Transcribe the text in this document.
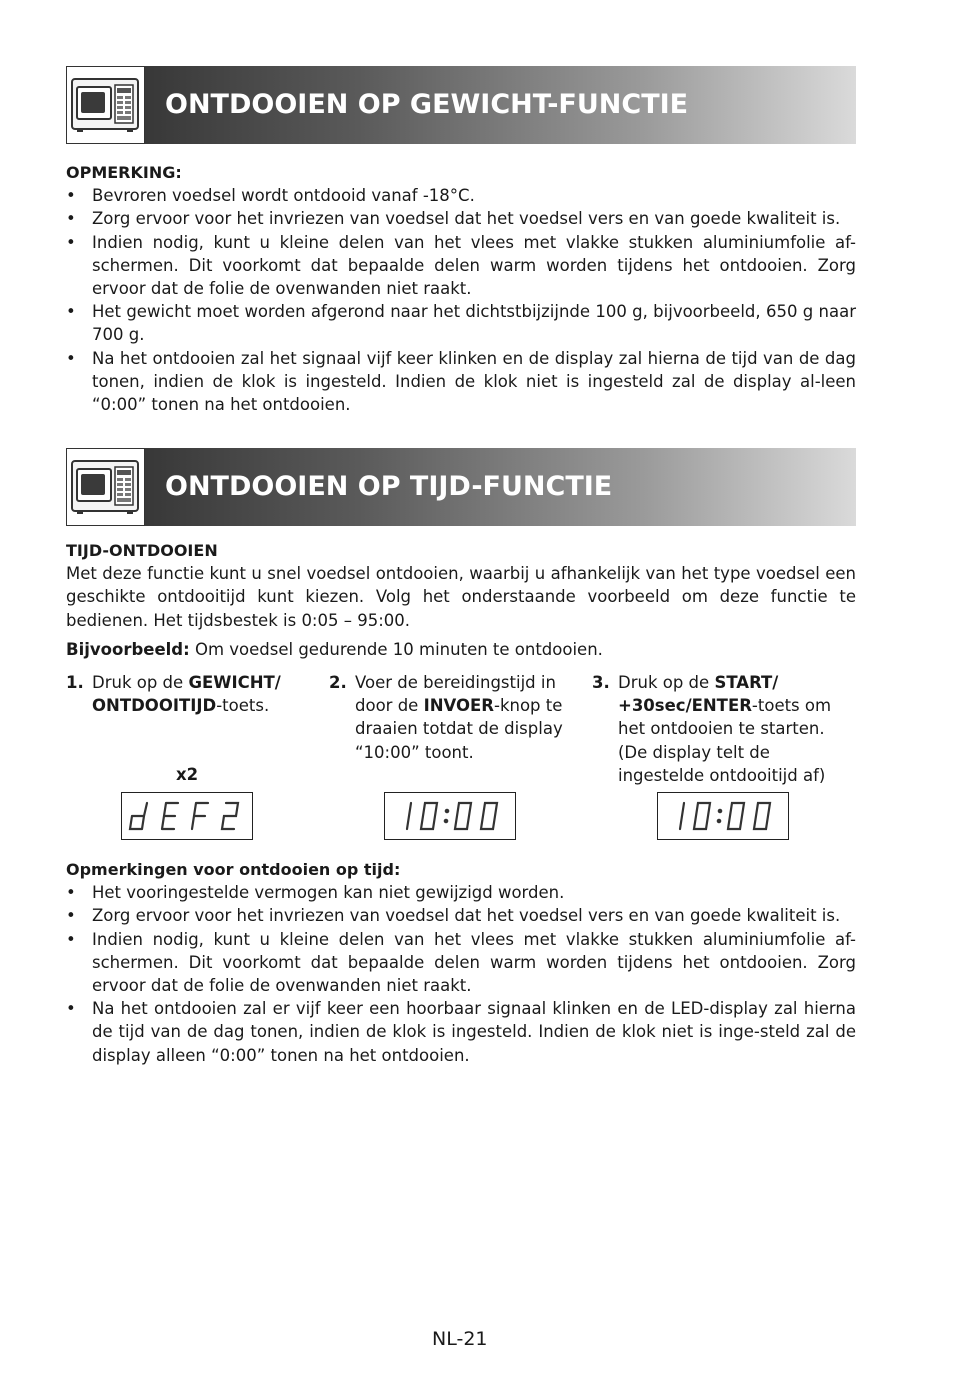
ONTDOOIEN OP GEWICHT-FUNCTIE
OPMERKING:
• Bevroren voedsel wordt ontdooid vanaf -18°C.
• Zorg ervoor voor het invriezen van voedsel dat het voedsel vers en van goede kwaliteit is.
• Indien nodig, kunt u kleine delen van het vlees met vlakke stukken aluminiumfolie af-schermen. Dit voorkomt dat bepaalde delen warm worden tijdens het ontdooien. Zorg ervoor dat de folie de ovenwanden niet raakt.
• Het gewicht moet worden afgerond naar het dichtstbijzijnde 100 g, bijvoorbeeld, 650 g naar 700 g.
• Na het ontdooien zal het signaal vijf keer klinken en de display zal hierna de tijd van de dag tonen, indien de klok is ingesteld. Indien de klok niet is ingesteld zal de display al-leen “0:00” tonen na het ontdooien.
ONTDOOIEN OP TIJD-FUNCTIE
TIJD-ONTDOOIEN

Met deze functie kunt u snel voedsel ontdooien, waarbij u afhankelijk van het type voedsel een geschikte ontdooitijd kunt kiezen. Volg het onderstaande voorbeeld om deze functie te bedienen. Het tijdsbestek is 0:05 – 95:00.

Bijvoorbeeld: Om voedsel gedurende 10 minuten te ontdooien.

1. Druk op de GEWICHT/ ONTDOOITIJD-toets.
2. Voer de bereidingstijd in door de INVOER-knop te draaien totdat de display “10:00” toont.
3. Druk op de START/ +30sec/ENTER-toets om het ontdooien te starten. (De display telt de ingestelde ontdooitijd af)
x2
Opmerkingen voor ontdooien op tijd:
• Het vooringestelde vermogen kan niet gewijzigd worden.
• Zorg ervoor voor het invriezen van voedsel dat het voedsel vers en van goede kwaliteit is.
• Indien nodig, kunt u kleine delen van het vlees met vlakke stukken aluminiumfolie af-schermen. Dit voorkomt dat bepaalde delen warm worden tijdens het ontdooien. Zorg ervoor dat de folie de ovenwanden niet raakt.
• Na het ontdooien zal er vijf keer een hoorbaar signaal klinken en de LED-display zal hierna de tijd van de dag tonen, indien de klok is ingesteld. Indien de klok niet is inge-steld zal de display alleen “0:00” tonen na het ontdooien.
NL-21
